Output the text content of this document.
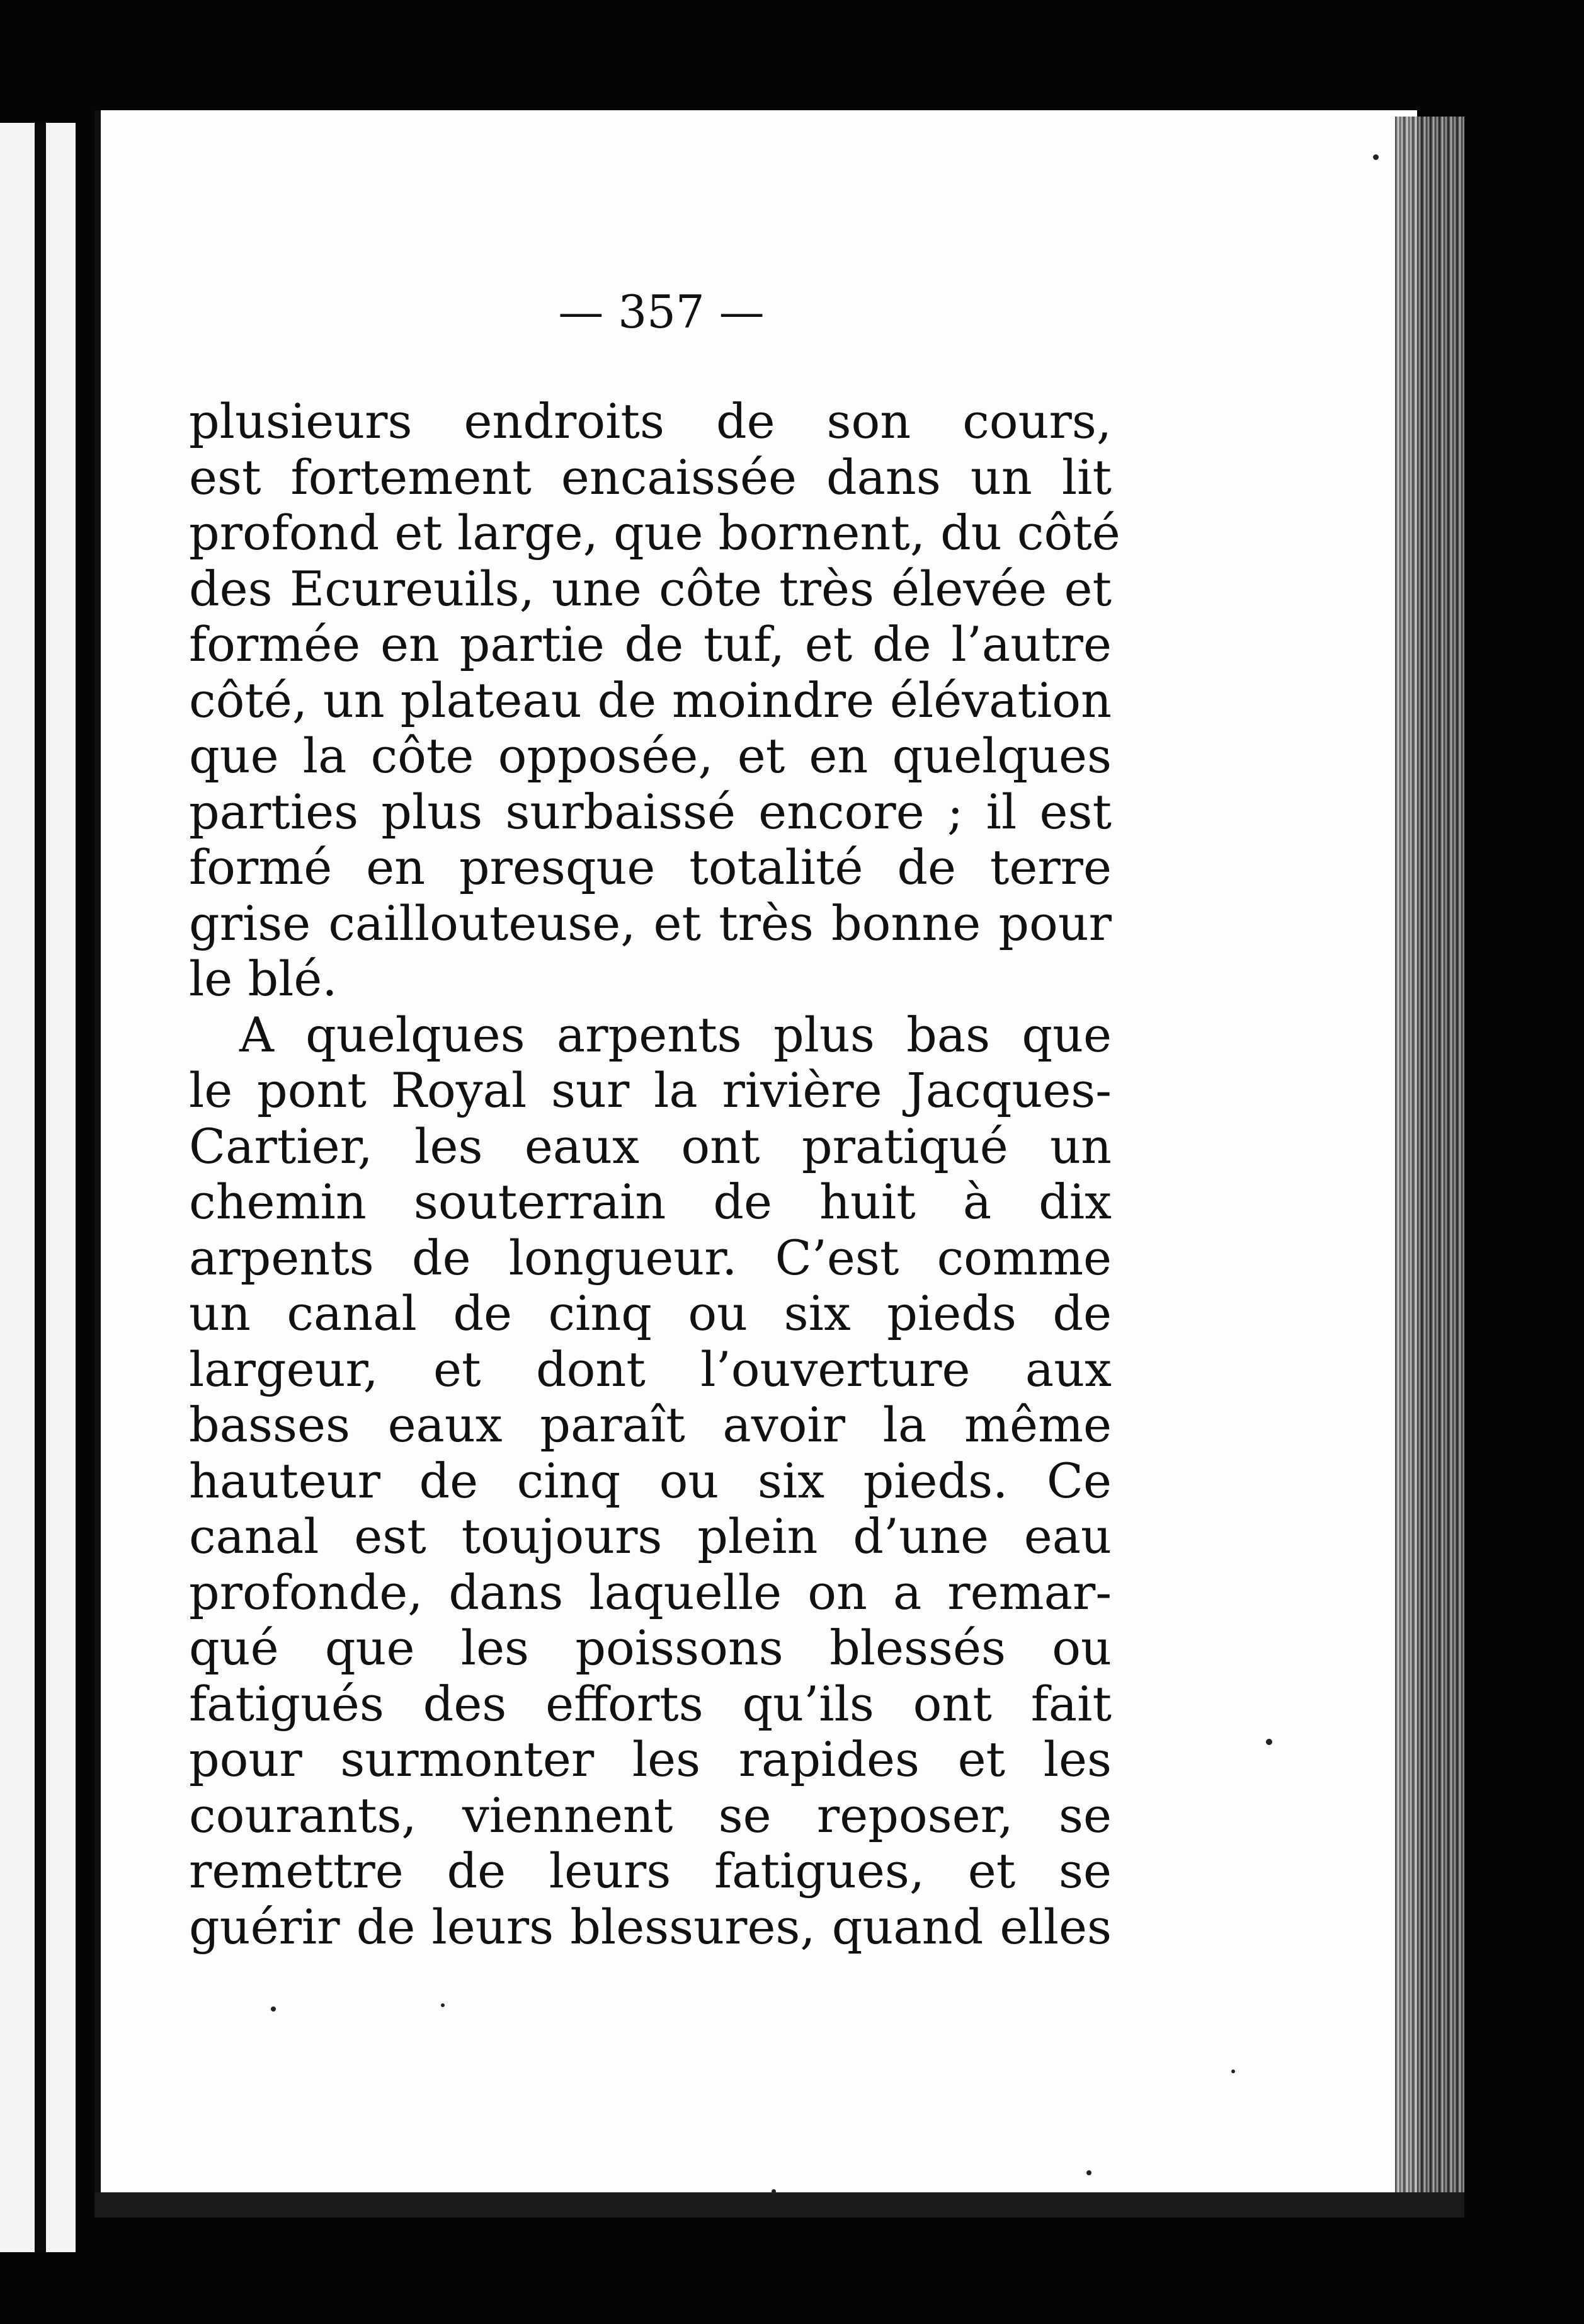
— 357 —
plusieurs endroits de son cours,
est fortement encaissée dans un lit
profond et large, que bornent, du côté
des Ecureuils, une côte très élevée et
formée en partie de tuf, et de l’autre
côté, un plateau de moindre élévation
que la côte opposée, et en quelques
parties plus surbaissé encore ; il est
formé en presque totalité de terre
grise caillouteuse, et très bonne pour
le blé.
A quelques arpents plus bas que
le pont Royal sur la rivière Jacques-
Cartier, les eaux ont pratiqué un
chemin souterrain de huit à dix
arpents de longueur. C’est comme
un canal de cinq ou six pieds de
largeur, et dont l’ouverture aux
basses eaux paraît avoir la même
hauteur de cinq ou six pieds. Ce
canal est toujours plein d’une eau
profonde, dans laquelle on a remar-
qué que les poissons blessés ou
fatigués des efforts qu’ils ont fait
pour surmonter les rapides et les
courants, viennent se reposer, se
remettre de leurs fatigues, et se
guérir de leurs blessures, quand elles
